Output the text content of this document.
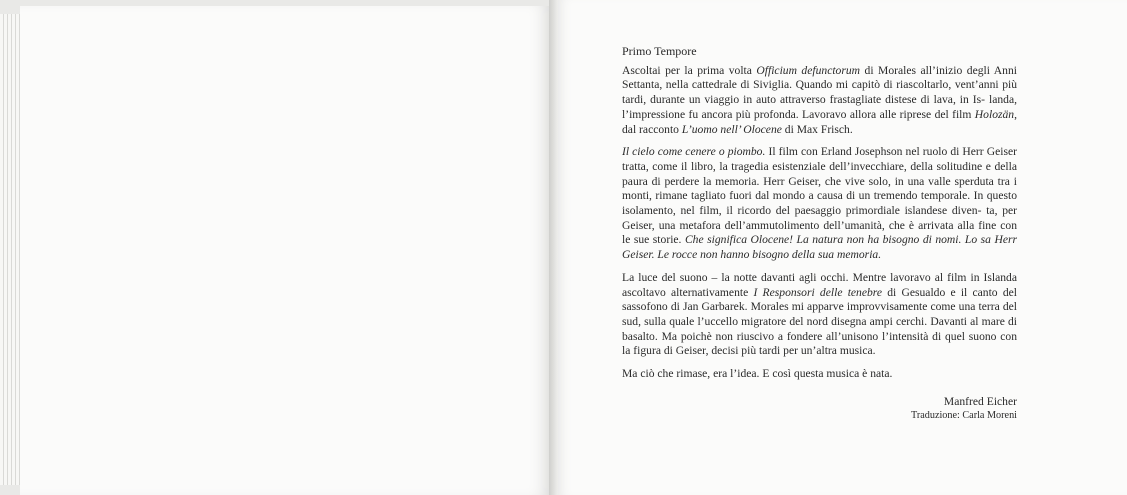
Primo Tempore

Ascoltai per la prima volta Officium defunctorum di Morales all’inizio degli Anni Settanta, nella cattedrale di Siviglia. Quando mi capitò di riascoltarlo, vent’anni più tardi, durante un viaggio in auto attraverso frastagliate distese di lava, in Is- landa, l’impressione fu ancora più profonda. Lavoravo allora alle riprese del film Holozän, dal racconto L’uomo nell’ Olocene di Max Frisch.

Il cielo come cenere o piombo. Il film con Erland Josephson nel ruolo di Herr Geiser tratta, come il libro, la tragedia esistenziale dell’invecchiare, della solitudine e della paura di perdere la memoria. Herr Geiser, che vive solo, in una valle sperduta tra i monti, rimane tagliato fuori dal mondo a causa di un tremendo temporale. In questo isolamento, nel film, il ricordo del paesaggio primordiale islandese diven- ta, per Geiser, una metafora dell’ammutolimento dell’umanità, che è arrivata alla fine con le sue storie. Che significa Olocene! La natura non ha bisogno di nomi. Lo sa Herr Geiser. Le rocce non hanno bisogno della sua memoria.

La luce del suono – la notte davanti agli occhi. Mentre lavoravo al film in Islanda ascoltavo alternativamente I Responsori delle tenebre di Gesualdo e il canto del sassofono di Jan Garbarek. Morales mi apparve improvvisamente come una terra del sud, sulla quale l’uccello migratore del nord disegna ampi cerchi. Davanti al mare di basalto. Ma poichè non riuscivo a fondere all’unisono l’intensità di quel suono con la figura di Geiser, decisi più tardi per un’altra musica.

Ma ciò che rimase, era l’idea. E così questa musica è nata.

Manfred Eicher
Traduzione: Carla Moreni
